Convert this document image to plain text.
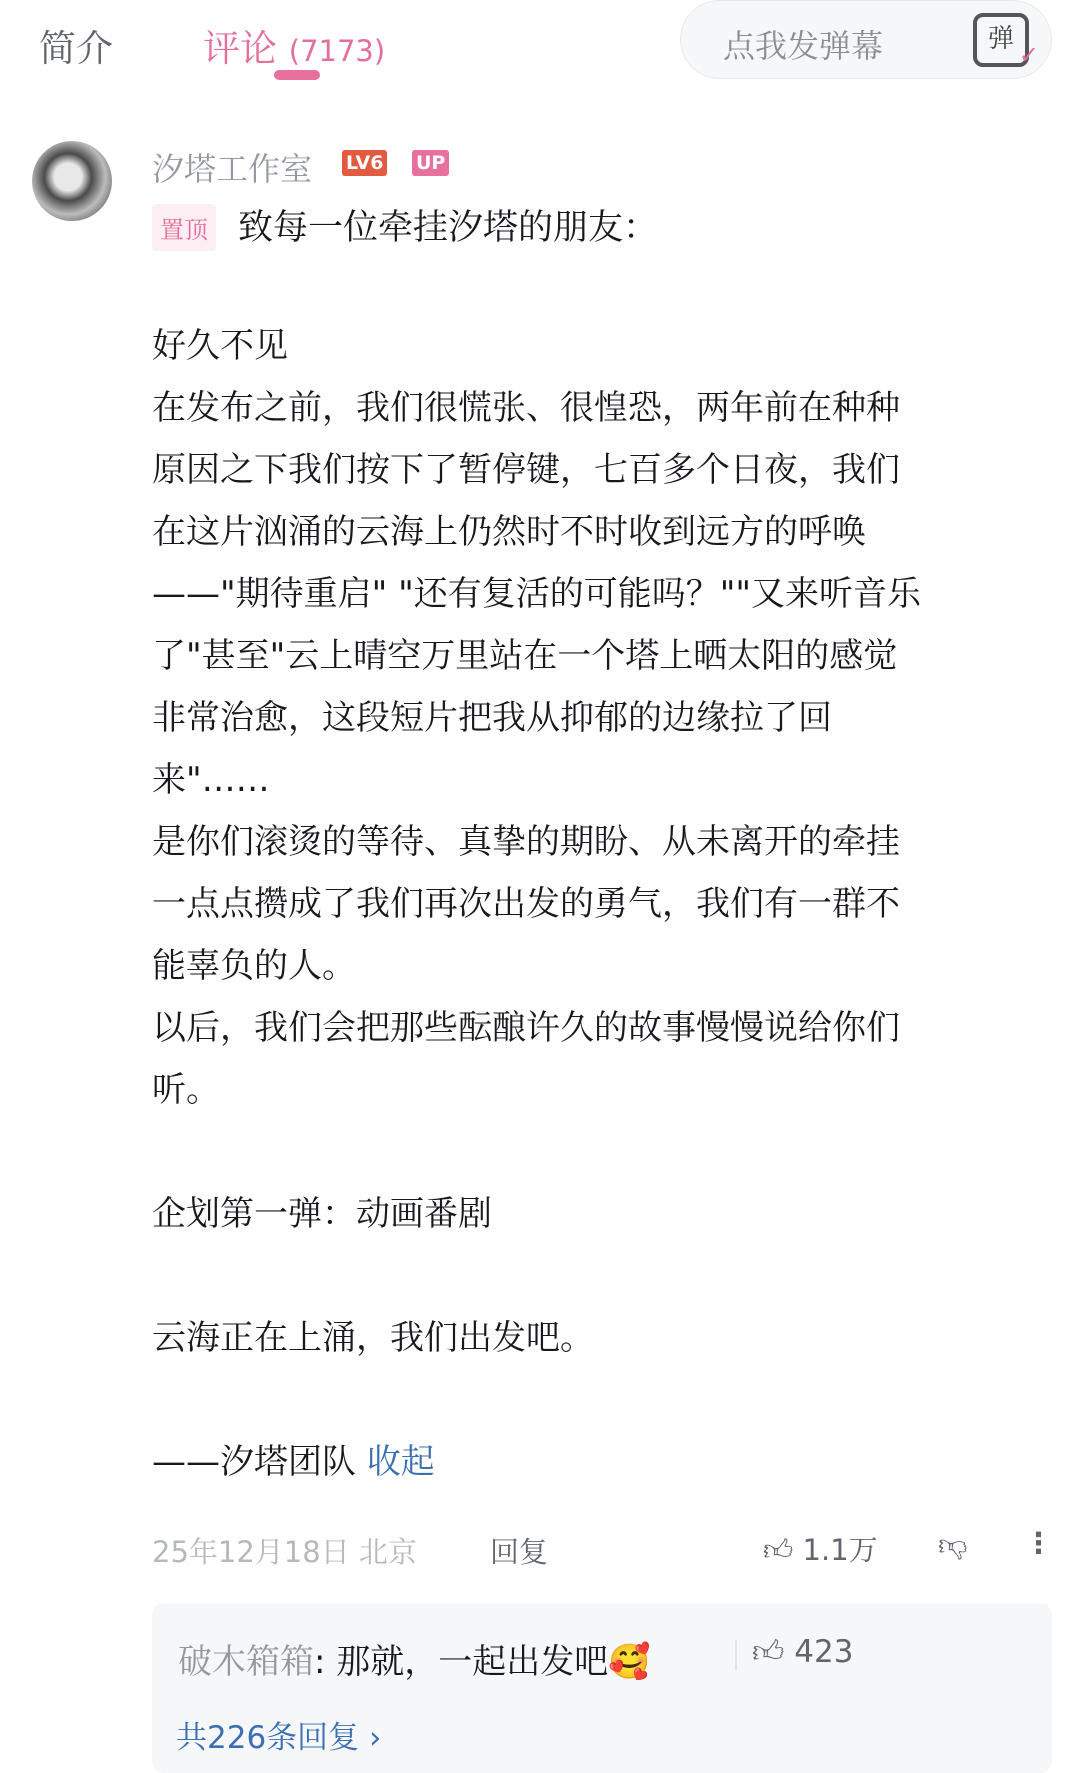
简介 评论 (7173)	点我发弹幕	弹 ✓
汐塔工作室 LV6 UP
置顶 致每一位牵挂汐塔的朋友：
好久不见
在发布之前，我们很慌张、很惶恐，两年前在种种
原因之下我们按下了暂停键，七百多个日夜，我们
在这片汹涌的云海上仍然时不时收到远方的呼唤
——"期待重启" "还有复活的可能吗？""又来听音乐
了"甚至"云上晴空万里站在一个塔上晒太阳的感觉
非常治愈，这段短片把我从抑郁的边缘拉了回
来"……
是你们滚烫的等待、真挚的期盼、从未离开的牵挂
一点点攒成了我们再次出发的勇气，我们有一群不
能辜负的人。
以后，我们会把那些酝酿许久的故事慢慢说给你们
听。
企划第一弹：动画番剧
云海正在上涌，我们出发吧。
——汐塔团队 收起
25年12月18日 北京	回复	👍︎ 1.1万 👎︎ ⋮
破木箱箱: 那就，一起出发吧🥰	👍︎ 423
共226条回复 ›
